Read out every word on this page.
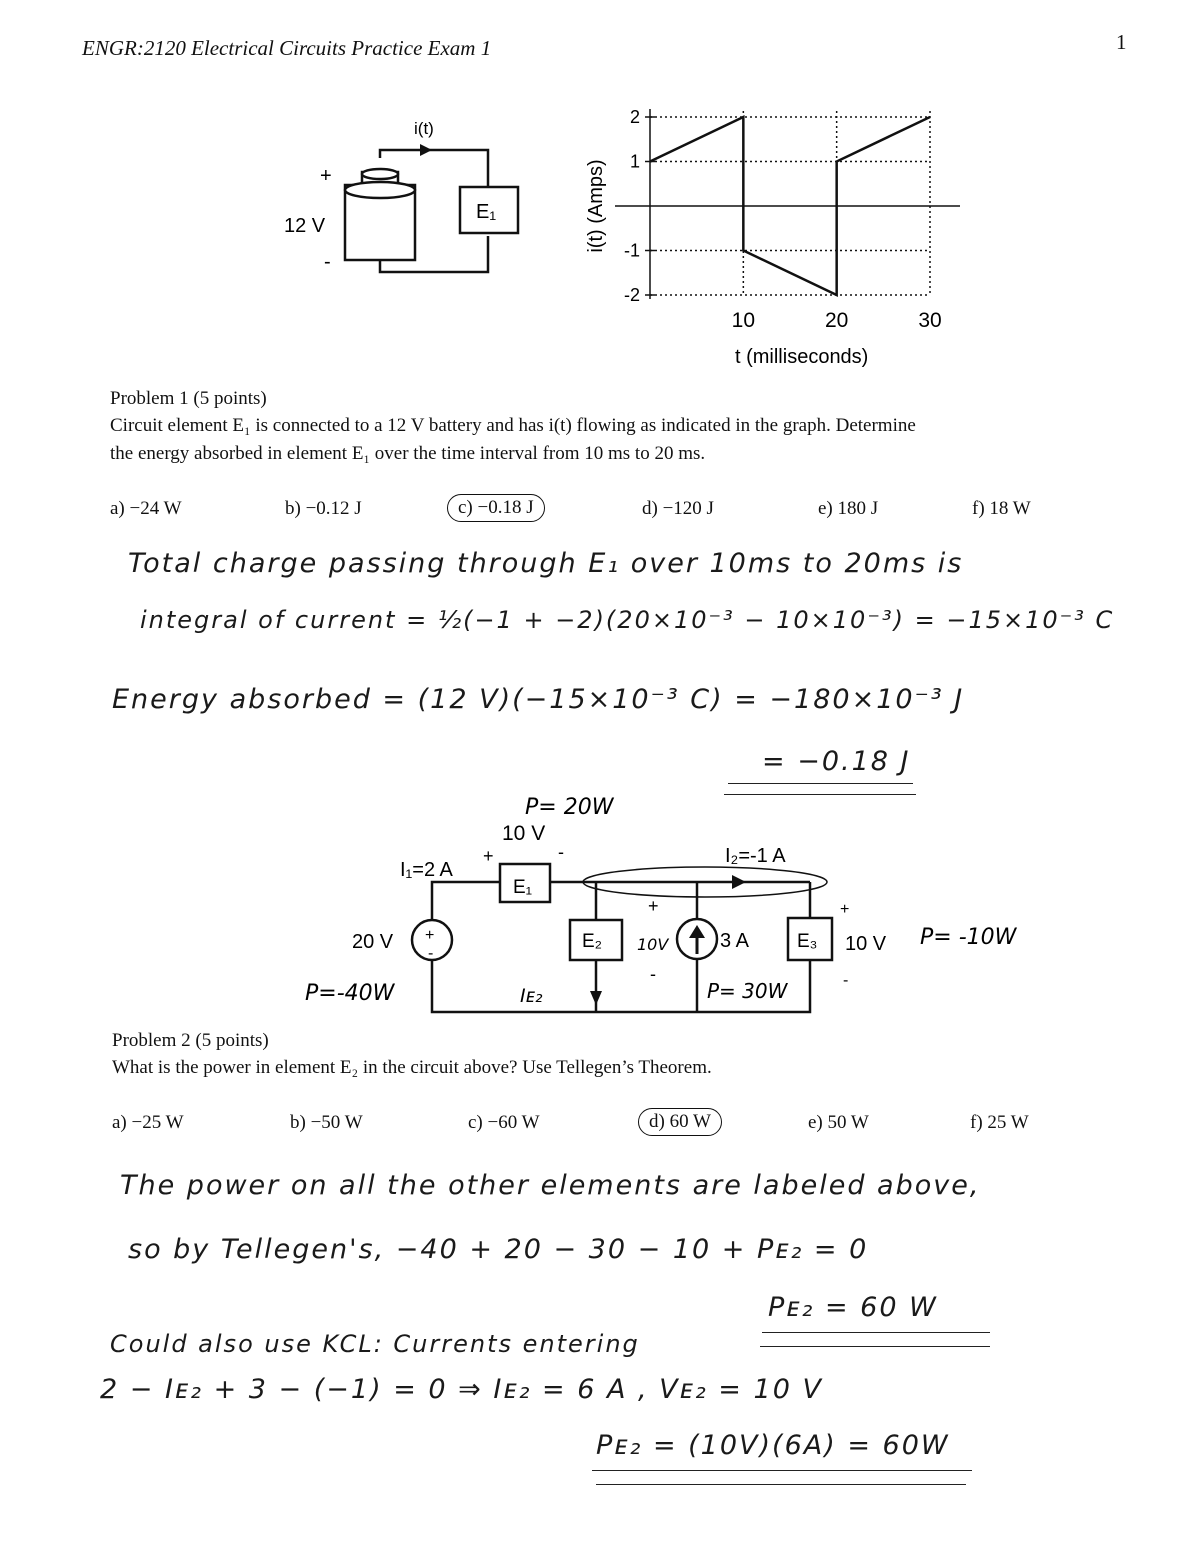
ENGR:2120 Electrical Circuits Practice Exam 1	1
i(t)
+
12 V
-
E₁
2
1
-1
-2
10	20	30
t (milliseconds)
i(t) (Amps)
Problem 1 (5 points)
Circuit element E₁ is connected to a 12 V battery and has i(t) flowing as indicated in the graph. Determine
the energy absorbed in element E₁ over the time interval from 10 ms to 20 ms.
a) −24 W	b) −0.12 J	c) −0.18 J	d) −120 J	e) 180 J	f) 18 W
Total charge passing through E₁ over 10ms to 20ms is
integral of current = ½(−1 + −2)(20×10⁻³ − 10×10⁻³) = −15×10⁻³ C
Energy absorbed = (12 V)(−15×10⁻³ C) = −180×10⁻³ J
= −0.18 J
P= 20W
10 V
I₁=2 A
+	-	I₂=-1 A
20 V +
-
P=-40W
E₁
E₂	E₃
Iᴇ₂
10V
+
-
3 A
P= 30W
+
-
10 V P= -10W
Problem 2 (5 points)
What is the power in element E₂ in the circuit above? Use Tellegen’s Theorem.
a) −25 W	b) −50 W	c) −60 W	d) 60 W	e) 50 W	f) 25 W
The power on all the other elements are labeled above,
so by Tellegen's, −40 + 20 − 30 − 10 + Pᴇ₂ = 0
Pᴇ₂ = 60 W
Could also use KCL: Currents entering
2 − Iᴇ₂ + 3 − (−1) = 0 ⇒ Iᴇ₂ = 6 A , Vᴇ₂ = 10 V
Pᴇ₂ = (10V)(6A) = 60W
